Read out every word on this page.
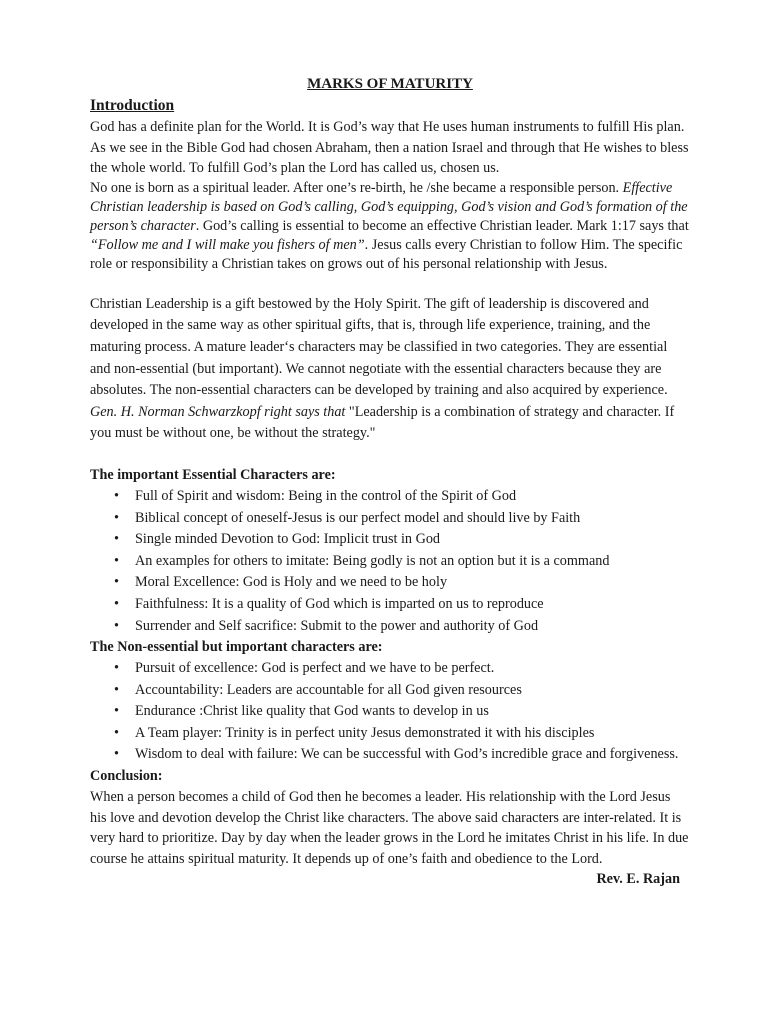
MARKS OF MATURITY
Introduction

God has a definite plan for the World. It is God’s way that He uses human instruments to fulfill His plan. As we see in the Bible God had chosen Abraham, then a nation Israel and through that He wishes to bless the whole world. To fulfill God’s plan the Lord has called us, chosen us.

No one is born as a spiritual leader. After one’s re-birth, he /she became a responsible person. Effective Christian leadership is based on God’s calling, God’s equipping, God’s vision and God’s formation of the person’s character. God’s calling is essential to become an effective Christian leader. Mark 1:17 says that “Follow me and I will make you fishers of men”. Jesus calls every Christian to follow Him. The specific role or responsibility a Christian takes on grows out of his personal relationship with Jesus.

Christian Leadership is a gift bestowed by the Holy Spirit. The gift of leadership is discovered and developed in the same way as other spiritual gifts, that is, through life experience, training, and the maturing process. A mature leader‘s characters may be classified in two categories. They are essential and non-essential (but important). We cannot negotiate with the essential characters because they are absolutes. The non-essential characters can be developed by training and also acquired by experience. Gen. H. Norman Schwarzkopf right says that "Leadership is a combination of strategy and character. If you must be without one, be without the strategy."

The important Essential Characters are:
• Full of Spirit and wisdom: Being in the control of the Spirit of God
• Biblical concept of oneself-Jesus is our perfect model and should live by Faith
• Single minded Devotion to God: Implicit trust in God
• An examples for others to imitate: Being godly is not an option but it is a command
• Moral Excellence: God is Holy and we need to be holy
• Faithfulness: It is a quality of God which is imparted on us to reproduce
• Surrender and Self sacrifice: Submit to the power and authority of God
The Non-essential but important characters are:
• Pursuit of excellence: God is perfect and we have to be perfect.
• Accountability: Leaders are accountable for all God given resources
• Endurance :Christ like quality that God wants to develop in us
• A Team player: Trinity is in perfect unity Jesus demonstrated it with his disciples
• Wisdom to deal with failure: We can be successful with God’s incredible grace and forgiveness.
Conclusion:

When a person becomes a child of God then he becomes a leader. His relationship with the Lord Jesus his love and devotion develop the Christ like characters. The above said characters are inter-related. It is very hard to prioritize. Day by day when the leader grows in the Lord he imitates Christ in his life. In due course he attains spiritual maturity. It depends up of one’s faith and obedience to the Lord.

Rev. E. Rajan
